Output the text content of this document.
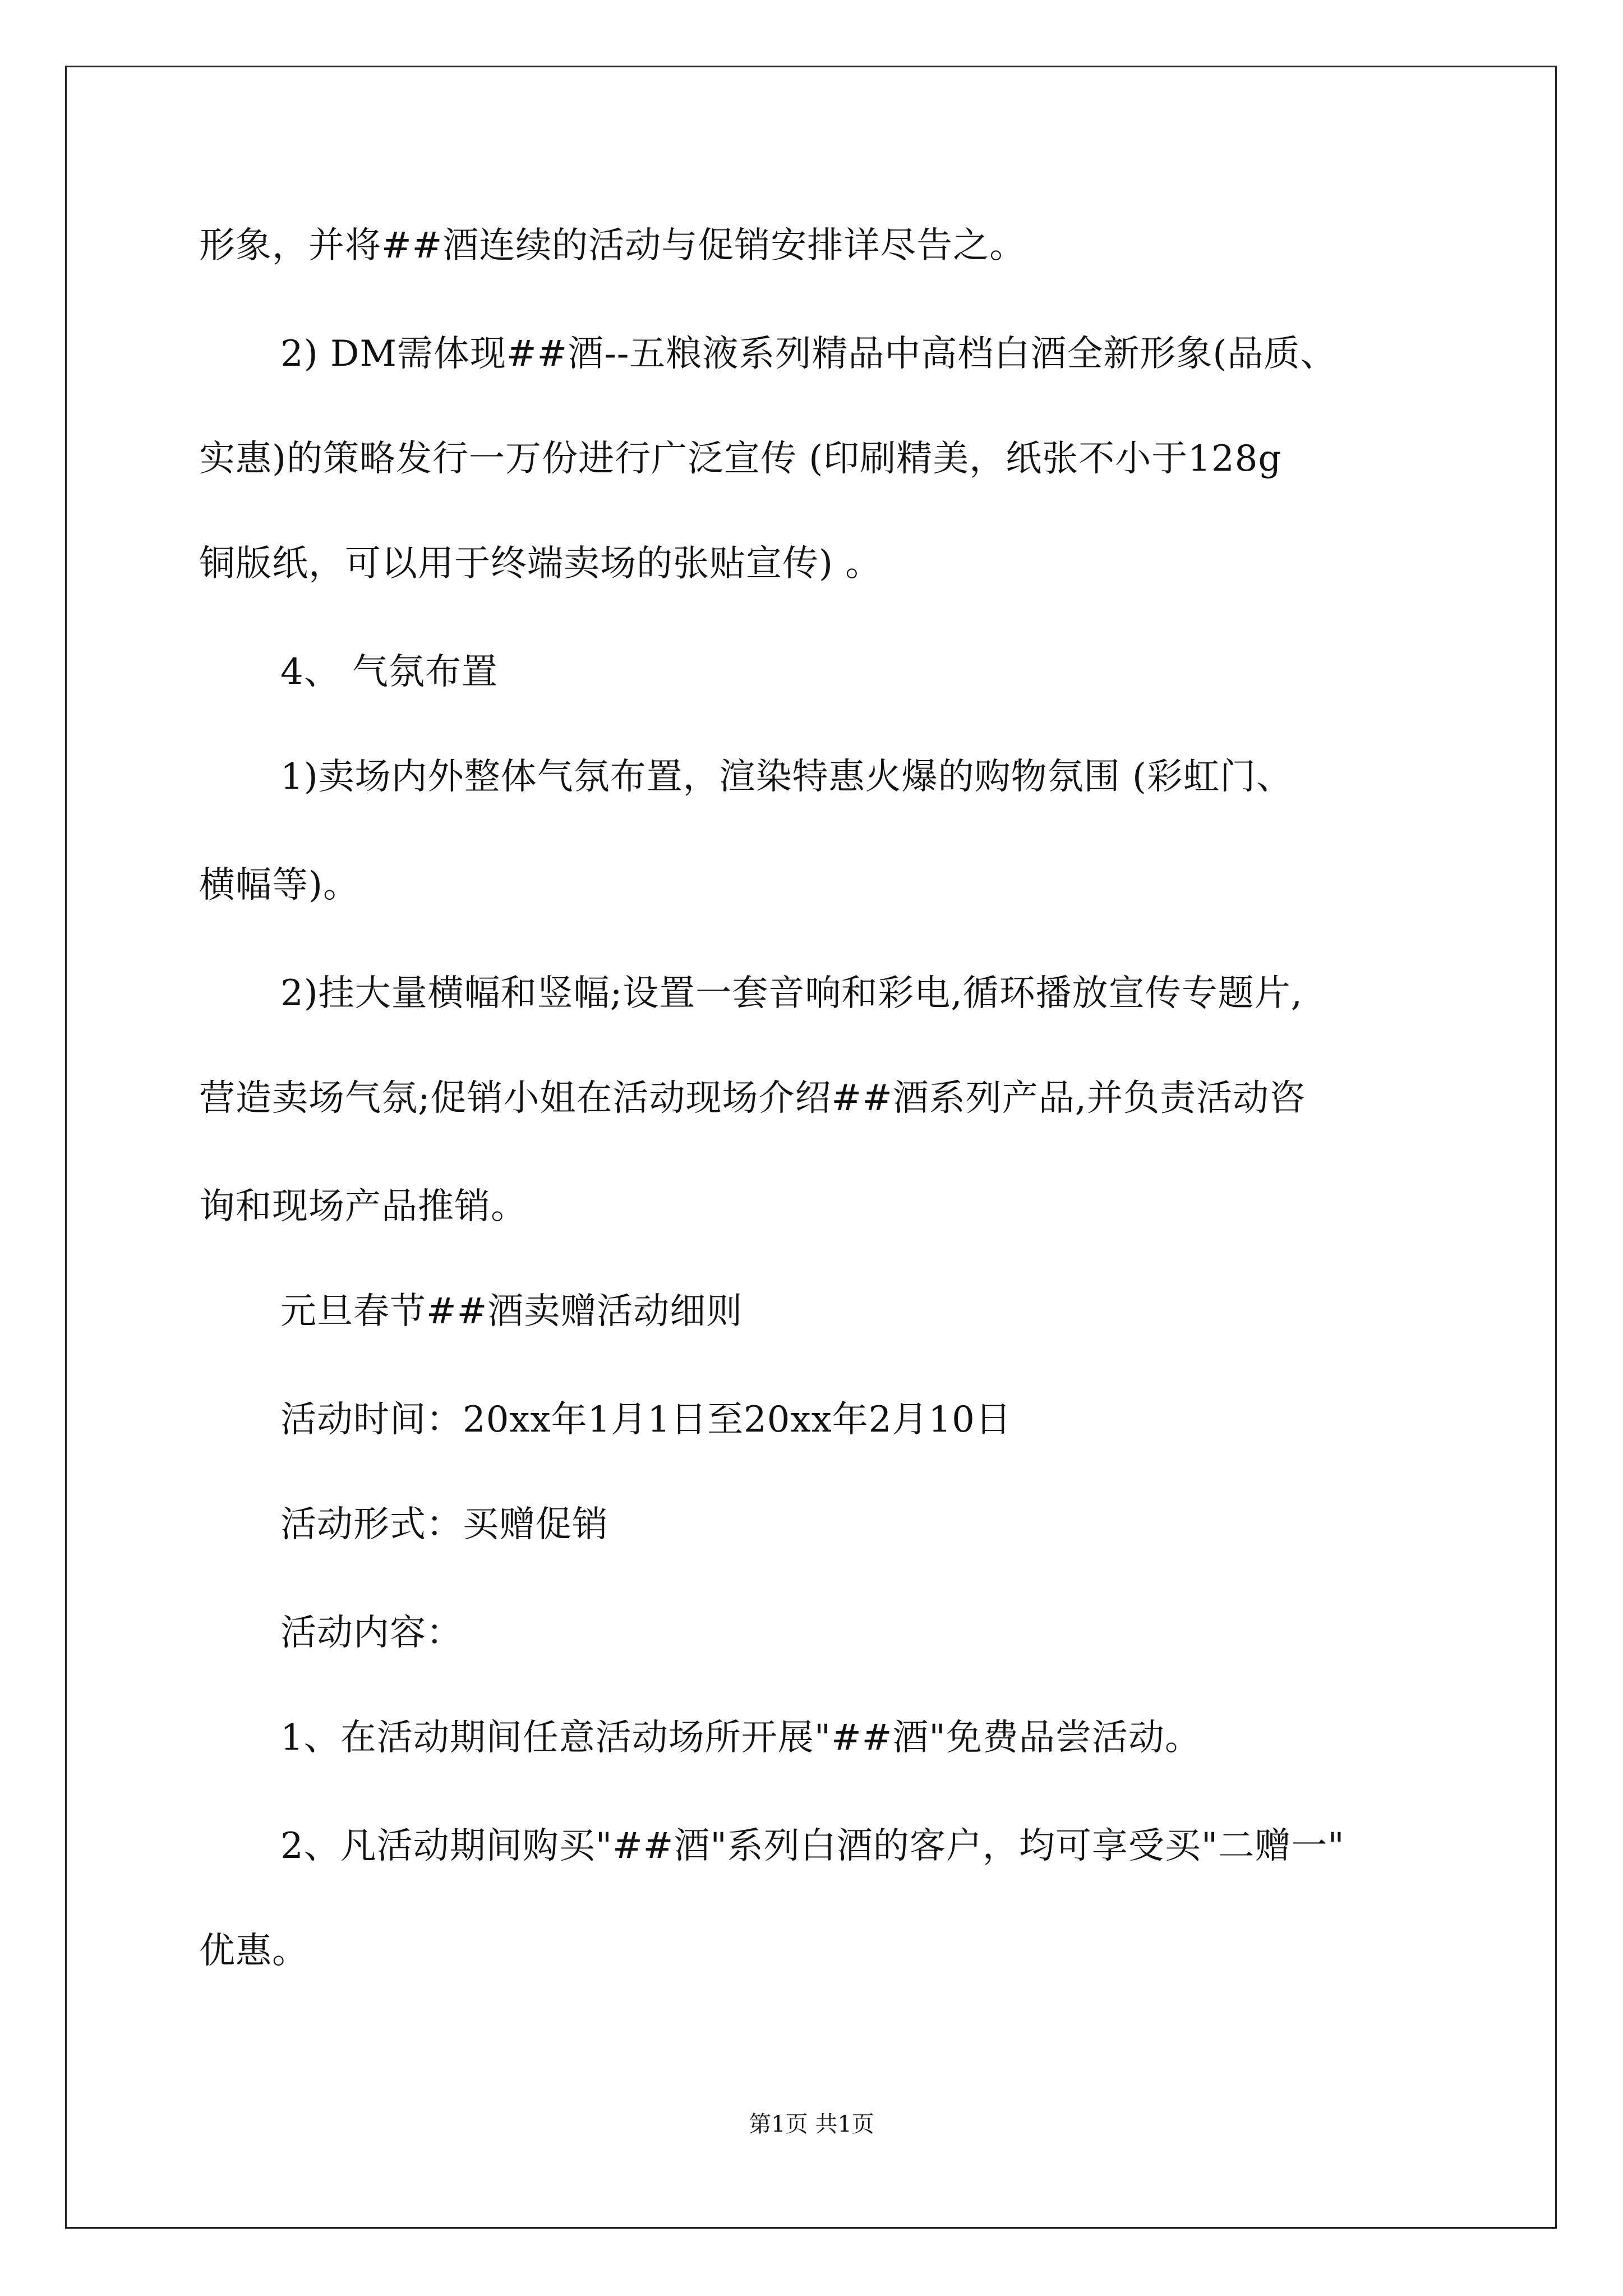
形象，并将##酒连续的活动与促销安排详尽告之。
2) DM需体现##酒--五粮液系列精品中高档白酒全新形象(品质、
实惠)的策略发行一万份进行广泛宣传 (印刷精美，纸张不小于128g
铜版纸，可以用于终端卖场的张贴宣传) 。
4、 气氛布置
1)卖场内外整体气氛布置，渲染特惠火爆的购物氛围 (彩虹门、
横幅等)。
2)挂大量横幅和竖幅;设置一套音响和彩电,循环播放宣传专题片,
营造卖场气氛;促销小姐在活动现场介绍##酒系列产品,并负责活动咨
询和现场产品推销。
元旦春节##酒卖赠活动细则
活动时间：20xx年1月1日至20xx年2月10日
活动形式：买赠促销
活动内容：
1、在活动期间任意活动场所开展"##酒"免费品尝活动。
2、凡活动期间购买"##酒"系列白酒的客户，均可享受买"二赠一"
优惠。
第1页 共1页
